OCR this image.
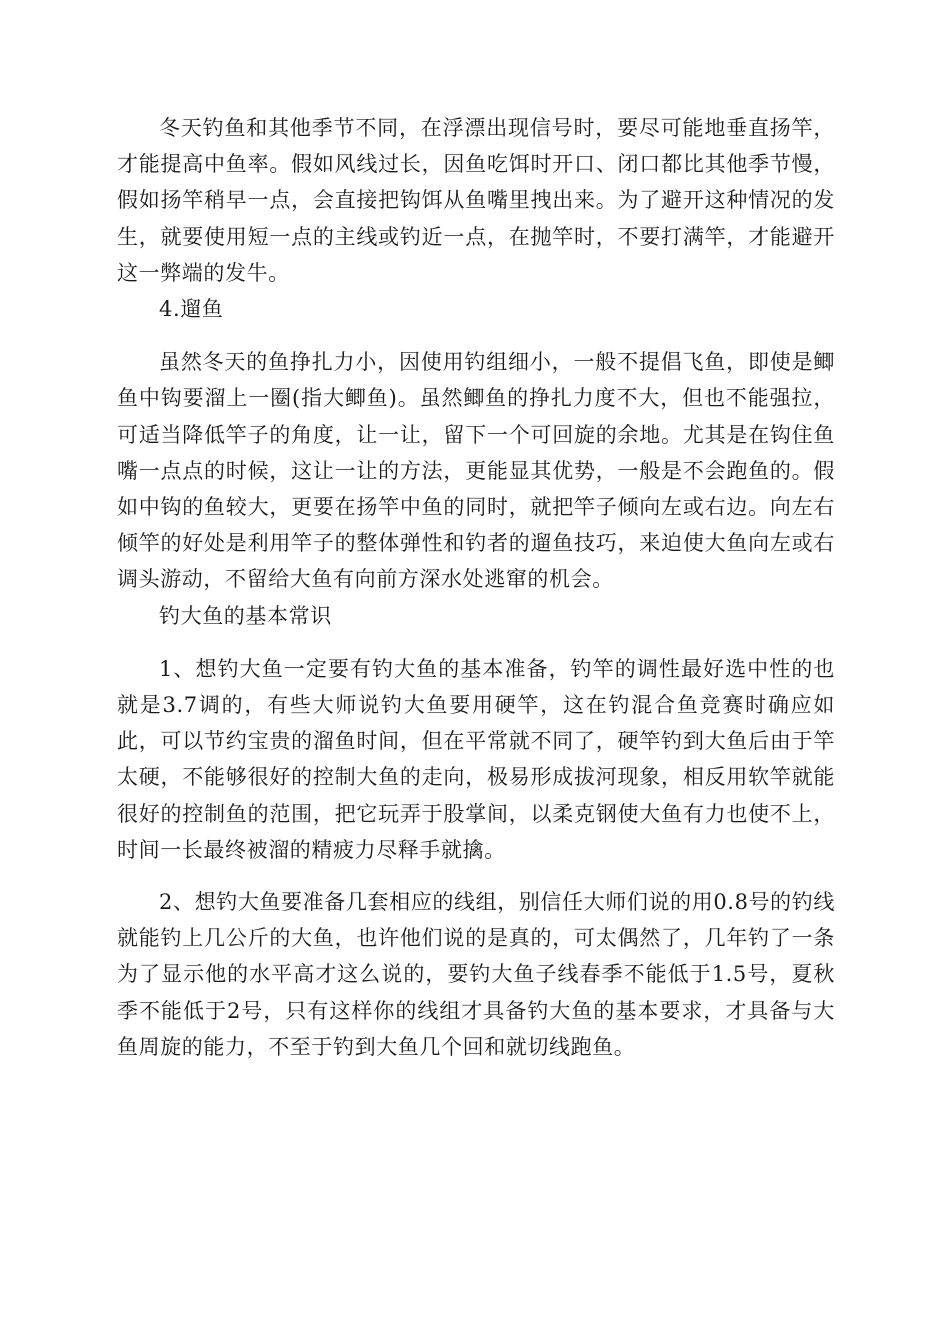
冬天钓鱼和其他季节不同，在浮漂出现信号时，要尽可能地垂直扬竿，才能提高中鱼率。假如风线过长，因鱼吃饵时开口、闭口都比其他季节慢，假如扬竿稍早一点，会直接把钩饵从鱼嘴里拽出来。为了避开这种情况的发生，就要使用短一点的主线或钓近一点，在抛竿时，不要打满竿，才能避开这一弊端的发牛。

4.遛鱼

虽然冬天的鱼挣扎力小，因使用钓组细小，一般不提倡飞鱼，即使是鲫鱼中钩要溜上一圈(指大鲫鱼)。虽然鲫鱼的挣扎力度不大，但也不能强拉，可适当降低竿子的角度，让一让，留下一个可回旋的余地。尤其是在钩住鱼嘴一点点的时候，这让一让的方法，更能显其优势，一般是不会跑鱼的。假如中钩的鱼较大，更要在扬竿中鱼的同时，就把竿子倾向左或右边。向左右倾竿的好处是利用竿子的整体弹性和钓者的遛鱼技巧，来迫使大鱼向左或右调头游动，不留给大鱼有向前方深水处逃窜的机会。

钓大鱼的基本常识

1、想钓大鱼一定要有钓大鱼的基本准备，钓竿的调性最好选中性的也就是3.7调的，有些大师说钓大鱼要用硬竿，这在钓混合鱼竞赛时确应如此，可以节约宝贵的溜鱼时间，但在平常就不同了，硬竿钓到大鱼后由于竿太硬，不能够很好的控制大鱼的走向，极易形成拔河现象，相反用软竿就能很好的控制鱼的范围，把它玩弄于股掌间，以柔克钢使大鱼有力也使不上，时间一长最终被溜的精疲力尽释手就擒。

2、想钓大鱼要准备几套相应的线组，别信任大师们说的用0.8号的钓线就能钓上几公斤的大鱼，也许他们说的是真的，可太偶然了，几年钓了一条为了显示他的水平高才这么说的，要钓大鱼子线春季不能低于1.5号，夏秋季不能低于2号，只有这样你的线组才具备钓大鱼的基本要求，才具备与大鱼周旋的能力，不至于钓到大鱼几个回和就切线跑鱼。
